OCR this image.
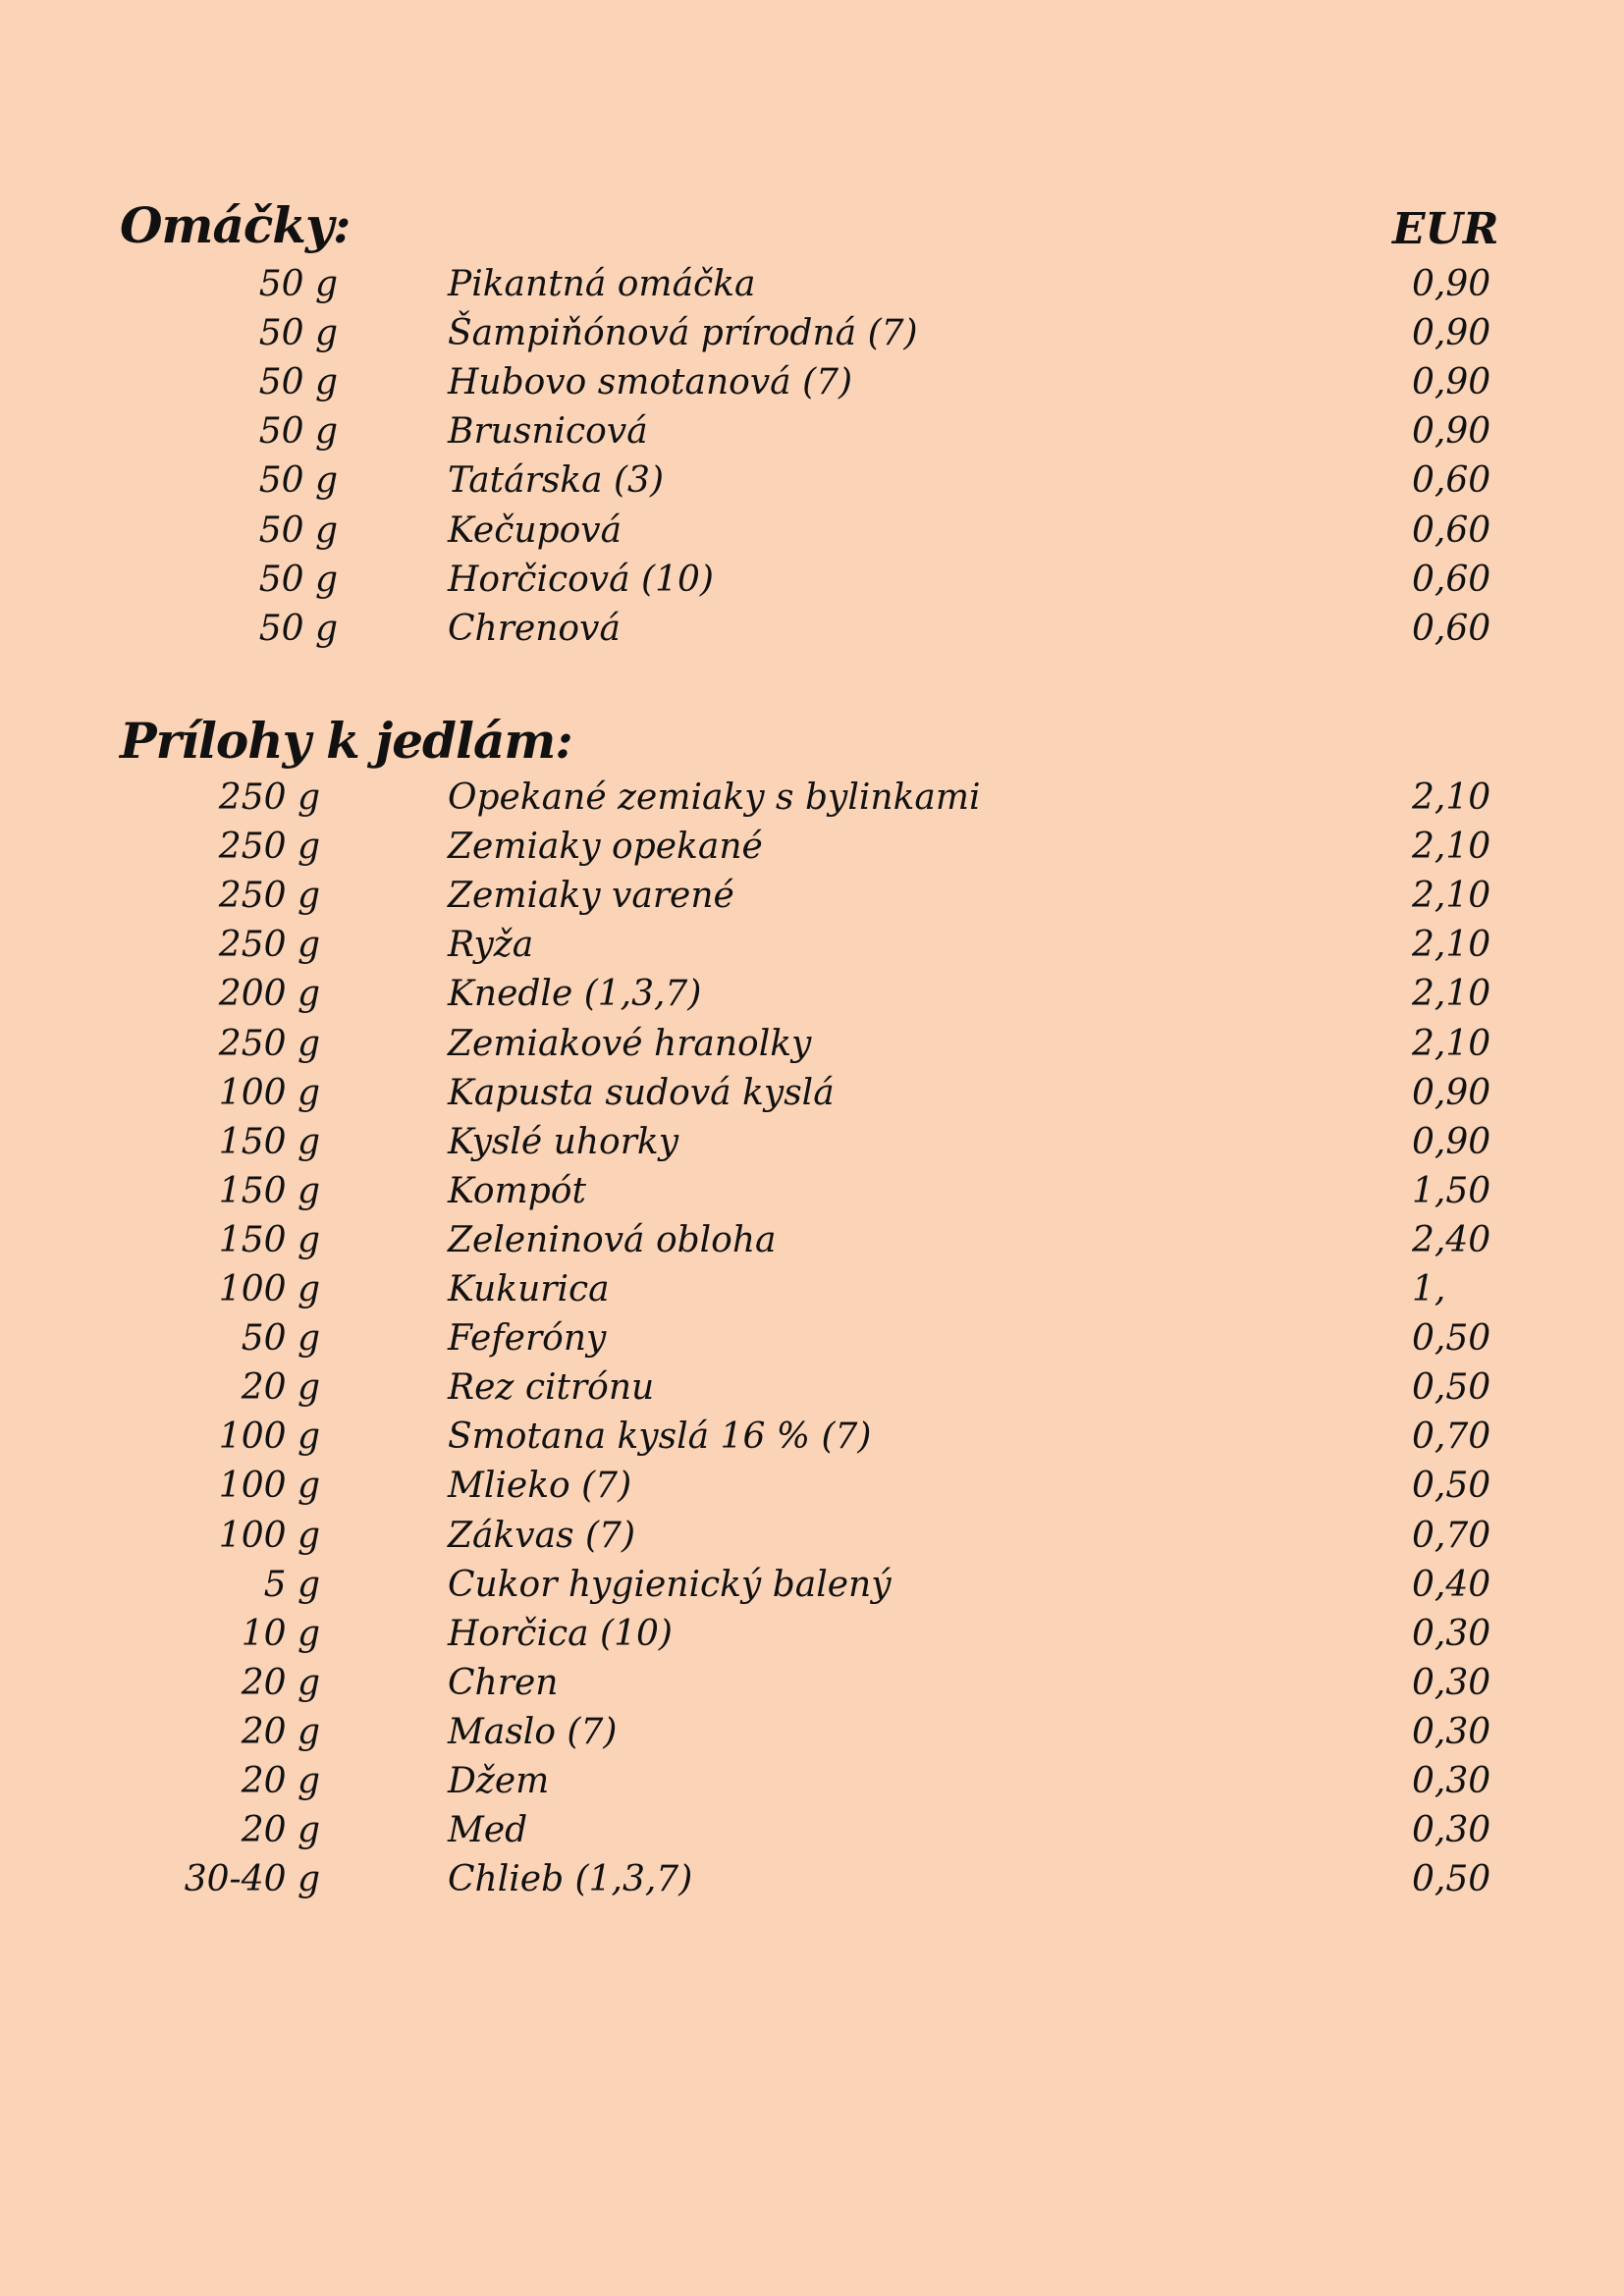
Omáčky:	EUR
50 g	Pikantná omáčka	0,90
50 g	Šampiňónová prírodná (7)	0,90
50 g	Hubovo smotanová (7)	0,90
50 g	Brusnicová	0,90
50 g	Tatárska (3)	0,60
50 g	Kečupová	0,60
50 g	Horčicová (10)	0,60
50 g	Chrenová	0,60
Prílohy k jedlám:
250 g	Opekané zemiaky s bylinkami	2,10
250 g	Zemiaky opekané	2,10
250 g	Zemiaky varené	2,10
250 g	Ryža	2,10
200 g	Knedle (1,3,7)	2,10
250 g	Zemiakové hranolky	2,10
100 g	Kapusta sudová kyslá	0,90
150 g	Kyslé uhorky	0,90
150 g	Kompót	1,50
150 g	Zeleninová obloha	2,40
100 g	Kukurica	1,
50 g	Feferóny	0,50
20 g	Rez citrónu	0,50
100 g	Smotana kyslá 16 % (7)	0,70
100 g	Mlieko (7)	0,50
100 g	Zákvas (7)	0,70
5 g	Cukor hygienický balený	0,40
10 g	Horčica (10)	0,30
20 g	Chren	0,30
20 g	Maslo (7)	0,30
20 g	Džem	0,30
20 g	Med	0,30
30-40 g	Chlieb (1,3,7)	0,50
